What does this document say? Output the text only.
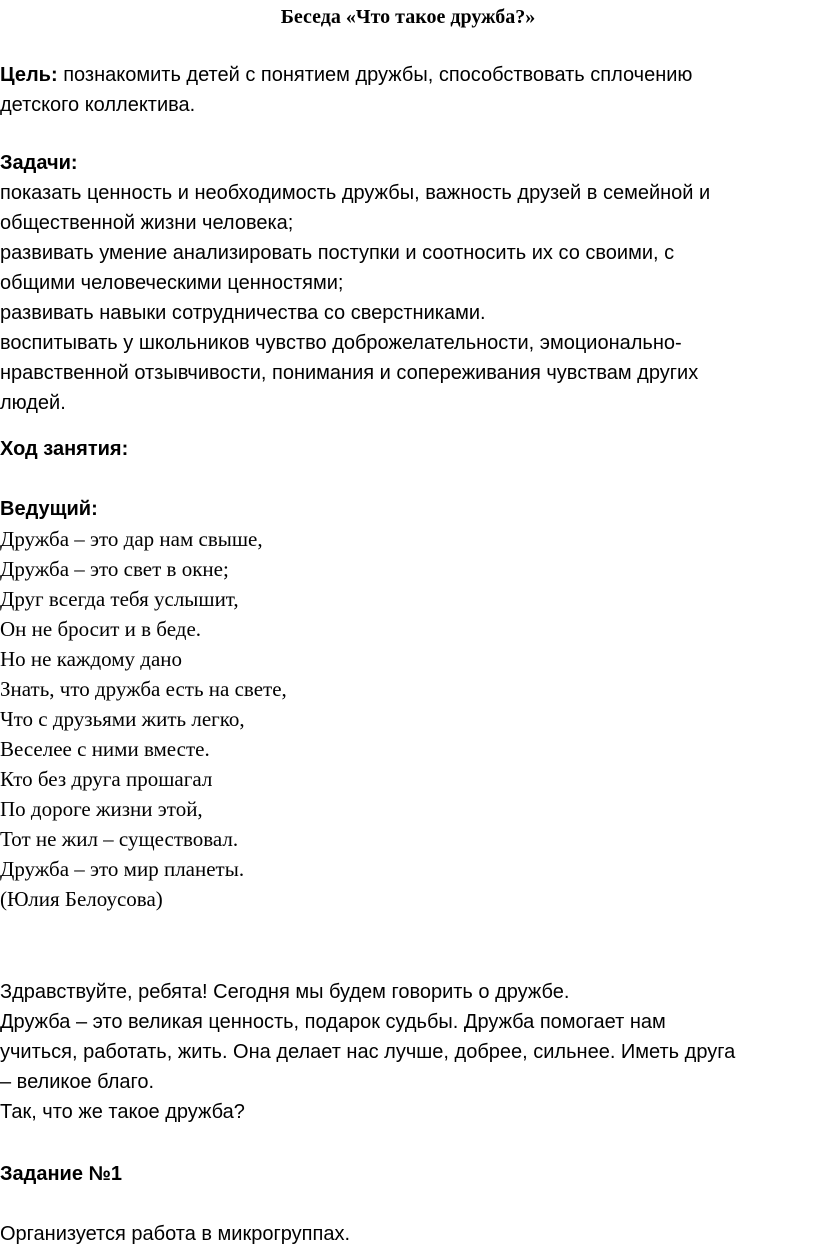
Беседа «Что такое дружба?»

Цель: познакомить детей с понятием дружбы, способствовать сплочению
детского коллектива.

Задачи:
показать ценность и необходимость дружбы, важность друзей в семейной и
общественной жизни человека;
развивать умение анализировать поступки и соотносить их со своими, с
общими человеческими ценностями;
развивать навыки сотрудничества со сверстниками.
воспитывать у школьников чувство доброжелательности, эмоционально-
нравственной отзывчивости, понимания и сопереживания чувствам других
людей.

Ход занятия:

Ведущий:

Дружба – это дар нам свыше,
Дружба – это свет в окне;
Друг всегда тебя услышит,
Он не бросит и в беде.
Но не каждому дано
Знать, что дружба есть на свете,
Что с друзьями жить легко,
Веселее с ними вместе.
Кто без друга прошагал
По дороге жизни этой,
Тот не жил – существовал.
Дружба – это мир планеты.
(Юлия Белоусова)

Здравствуйте, ребята! Сегодня мы будем говорить о дружбе.
Дружба – это великая ценность, подарок судьбы. Дружба помогает нам
учиться, работать, жить. Она делает нас лучше, добрее, сильнее. Иметь друга
– великое благо.
Так, что же такое дружба?

Задание №1

Организуется работа в микрогруппах.
